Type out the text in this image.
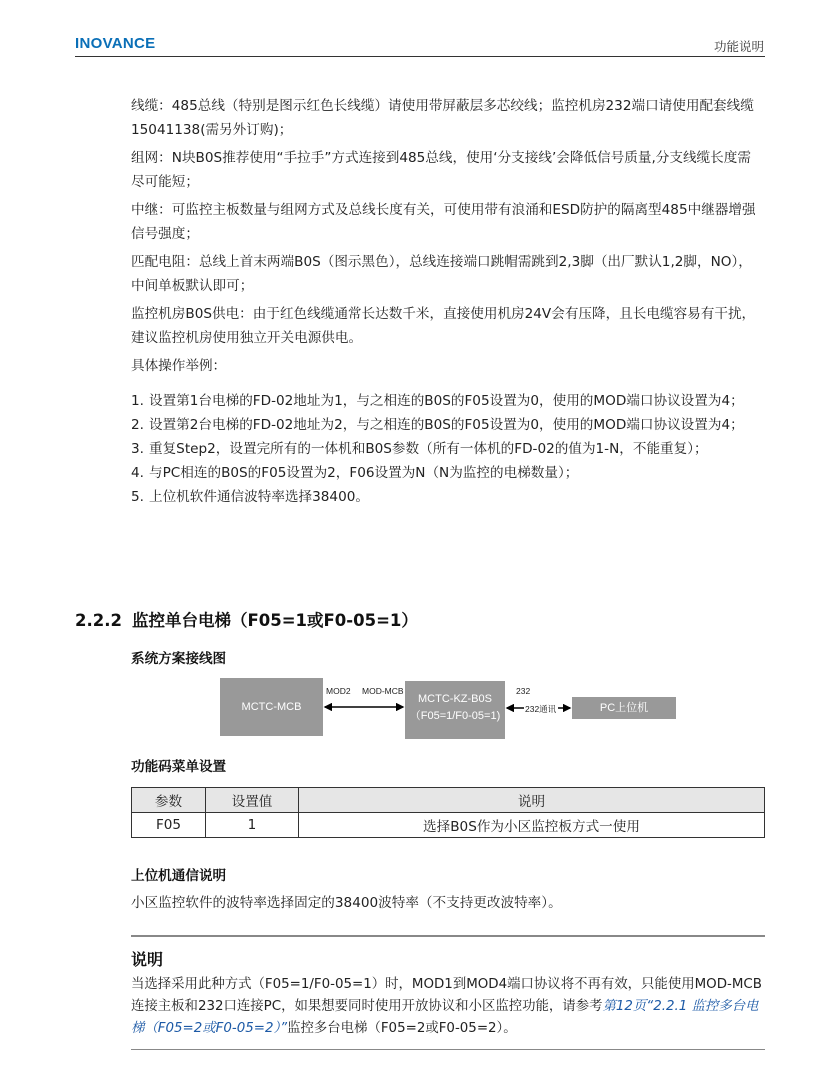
INOVANCE	功能说明

线缆：485总线（特别是图示红色长线缆）请使用带屏蔽层多芯绞线；监控机房232端口请使用配套线缆15041138(需另外订购)；

组网：N块B0S推荐使用“手拉手”方式连接到485总线，使用‘分支接线’会降低信号质量,分支线缆长度需尽可能短；

中继：可监控主板数量与组网方式及总线长度有关，可使用带有浪涌和ESD防护的隔离型485中继器增强信号强度；

匹配电阻：总线上首末两端B0S（图示黑色），总线连接端口跳帽需跳到2,3脚（出厂默认1,2脚，NO），中间单板默认即可；

监控机房B0S供电：由于红色线缆通常长达数千米，直接使用机房24V会有压降，且长电缆容易有干扰，建议监控机房使用独立开关电源供电。

具体操作举例：

1. 设置第1台电梯的FD-02地址为1，与之相连的B0S的F05设置为0，使用的MOD端口协议设置为4；
2. 设置第2台电梯的FD-02地址为2，与之相连的B0S的F05设置为0，使用的MOD端口协议设置为4；
3. 重复Step2，设置完所有的一体机和B0S参数（所有一体机的FD-02的值为1-N，不能重复）；
4. 与PC相连的B0S的F05设置为2，F06设置为N（N为监控的电梯数量）；
5. 上位机软件通信波特率选择38400。
2.2.2 监控单台电梯（F05=1或F0-05=1）
系统方案接线图
MCTC-MCB
MCTC-KZ-B0S
（F05=1/F0-05=1)
PC上位机
MOD2 MOD-MCB	232
232通讯
功能码菜单设置
参数	设置值	说明
F05	1	选择B0S作为小区监控板方式一使用
上位机通信说明
小区监控软件的波特率选择固定的38400波特率（不支持更改波特率）。
说明
当选择采用此种方式（F05=1/F0-05=1）时，MOD1到MOD4端口协议将不再有效，只能使用MOD-MCB连接主板和232口连接PC，如果想要同时使用开放协议和小区监控功能，请参考第12页“2.2.1 监控多台电梯（F05=2或F0-05=2）”监控多台电梯（F05=2或F0-05=2）。
